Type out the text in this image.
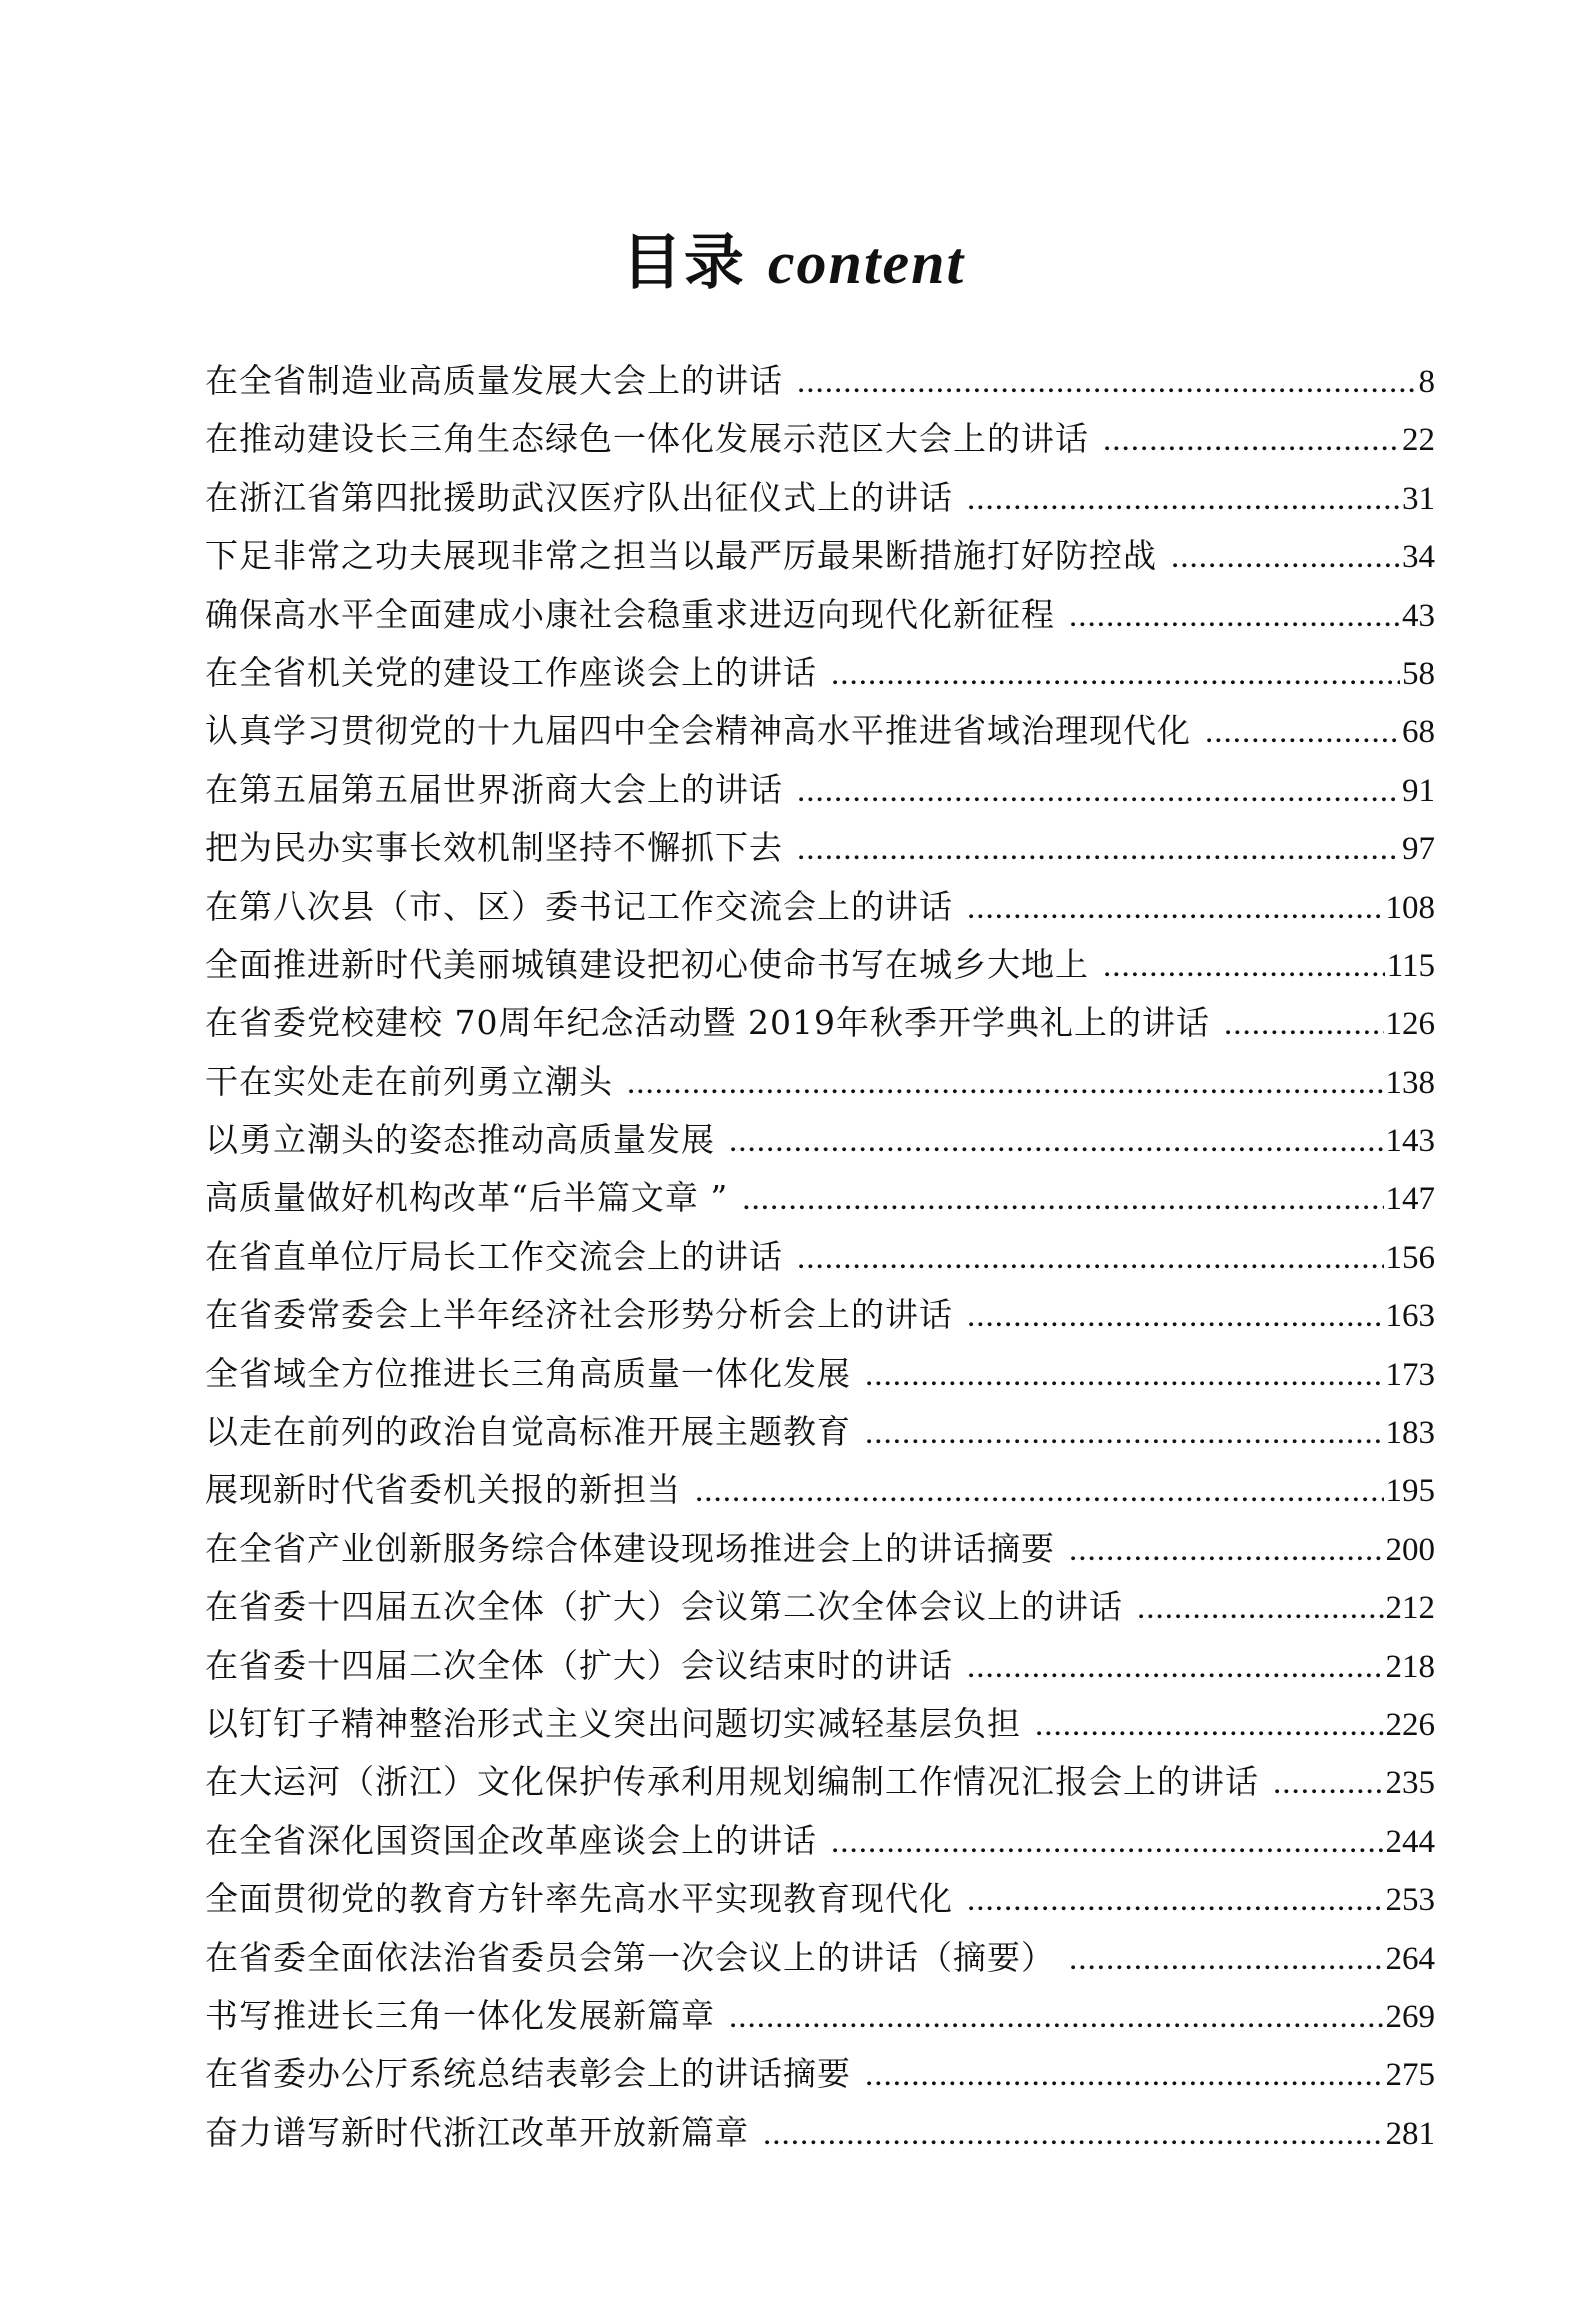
目录 content
在全省制造业高质量发展大会上的讲话 .....	8
在推动建设长三角生态绿色一体化发展示范区大会上的讲话 .....	22
在浙江省第四批援助武汉医疗队出征仪式上的讲话 .....	31
下足非常之功夫展现非常之担当以最严厉最果断措施打好防控战 .....	34
确保高水平全面建成小康社会稳重求进迈向现代化新征程 .....	43
在全省机关党的建设工作座谈会上的讲话 .....	58
认真学习贯彻党的十九届四中全会精神高水平推进省域治理现代化 .....	68
在第五届第五届世界浙商大会上的讲话 .....	91
把为民办实事长效机制坚持不懈抓下去 .....	97
在第八次县（市、区）委书记工作交流会上的讲话 .....	108
全面推进新时代美丽城镇建设把初心使命书写在城乡大地上 .....	115
在省委党校建校 70周年纪念活动暨 2019年秋季开学典礼上的讲话 .....	126
干在实处走在前列勇立潮头 .....	138
以勇立潮头的姿态推动高质量发展 .....	143
高质量做好机构改革“后半篇文章 ” .....	147
在省直单位厅局长工作交流会上的讲话 .....	156
在省委常委会上半年经济社会形势分析会上的讲话 .....	163
全省域全方位推进长三角高质量一体化发展 .....	173
以走在前列的政治自觉高标准开展主题教育 .....	183
展现新时代省委机关报的新担当 .....	195
在全省产业创新服务综合体建设现场推进会上的讲话摘要 .....	200
在省委十四届五次全体（扩大）会议第二次全体会议上的讲话 .....	212
在省委十四届二次全体（扩大）会议结束时的讲话 .....	218
以钉钉子精神整治形式主义突出问题切实减轻基层负担 .....	226
在大运河（浙江）文化保护传承利用规划编制工作情况汇报会上的讲话 .....	235
在全省深化国资国企改革座谈会上的讲话 .....	244
全面贯彻党的教育方针率先高水平实现教育现代化 .....	253
在省委全面依法治省委员会第一次会议上的讲话（摘要） .....	264
书写推进长三角一体化发展新篇章 .....	269
在省委办公厅系统总结表彰会上的讲话摘要 .....	275
奋力谱写新时代浙江改革开放新篇章 .....	281
